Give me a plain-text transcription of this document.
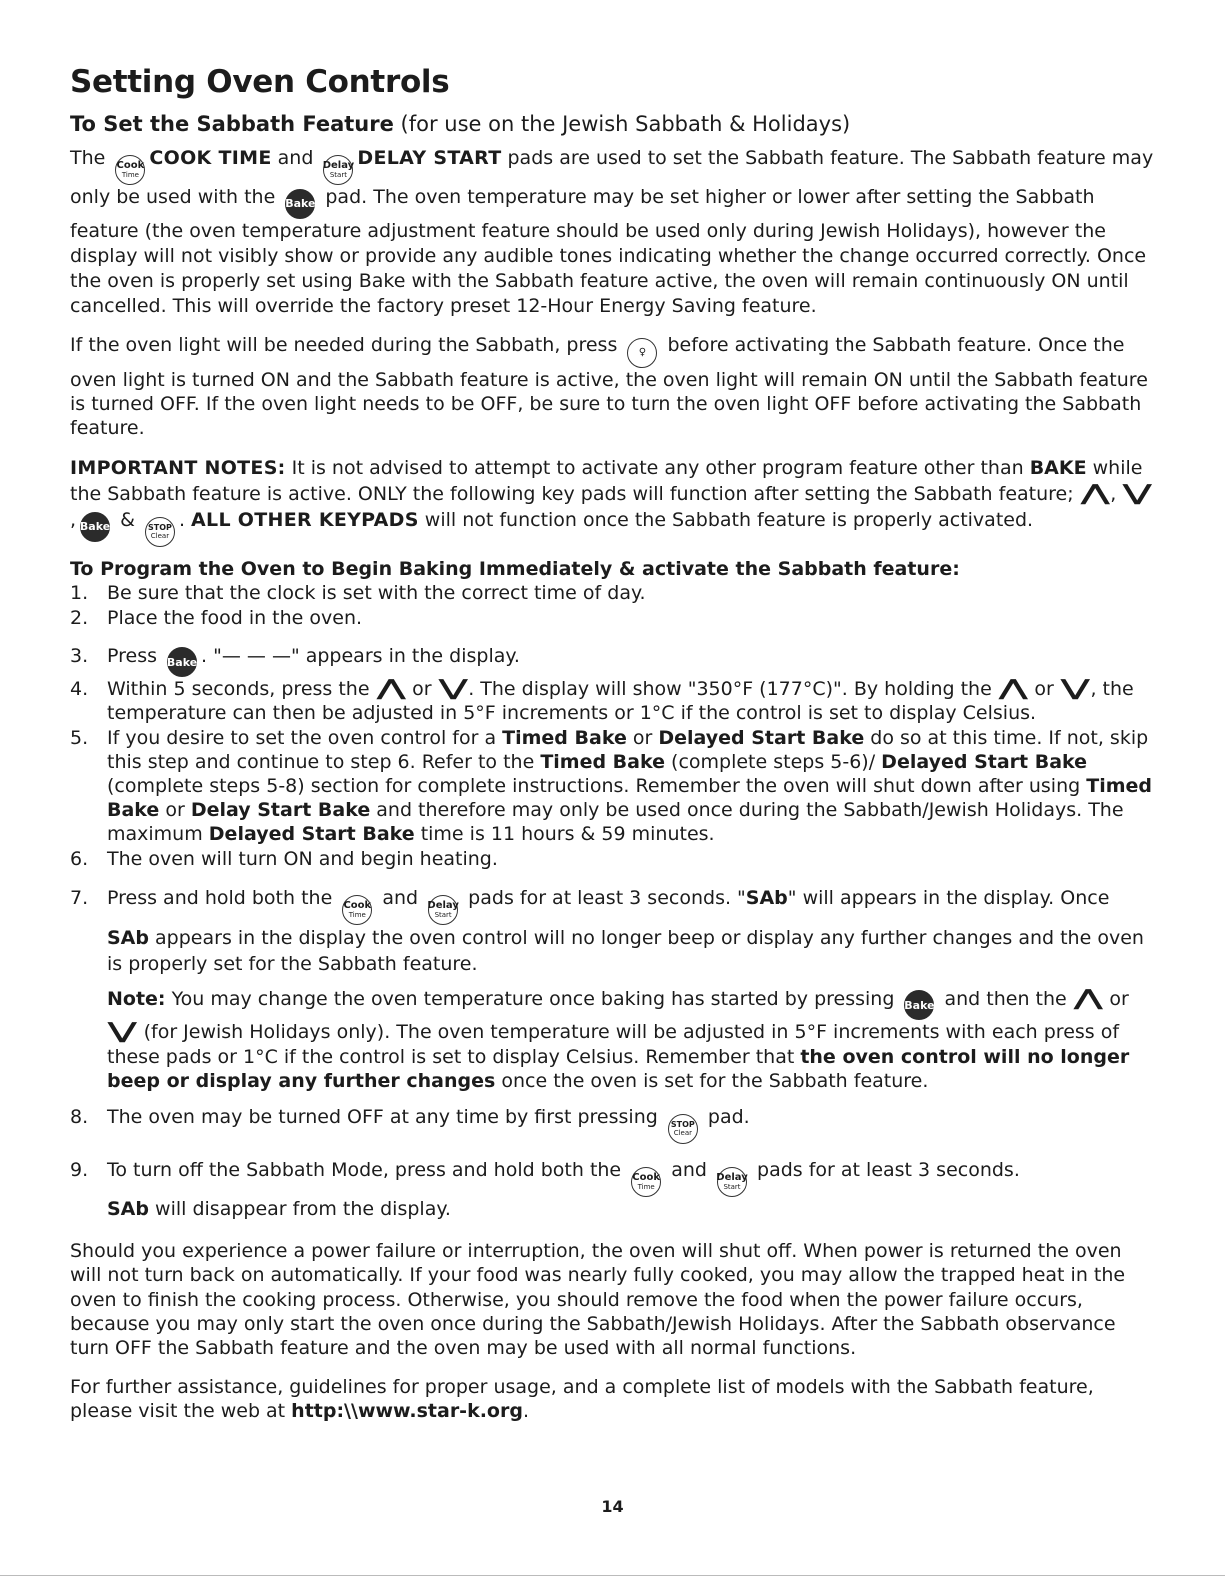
Setting Oven Controls
To Set the Sabbath Feature (for use on the Jewish Sabbath & Holidays)

The Cook
Time
COOK TIME and Delay
Start
DELAY START pads are used to set the Sabbath feature. The Sabbath feature may only be used with the Bake pad. The oven temperature may be set higher or lower after setting the Sabbath feature (the oven temperature adjustment feature should be used only during Jewish Holidays), however the display will not visibly show or provide any audible tones indicating whether the change occurred correctly. Once the oven is properly set using Bake with the Sabbath feature active, the oven will remain continuously ON until cancelled. This will override the factory preset 12-Hour Energy Saving feature.

If the oven light will be needed during the Sabbath, press ♀ before activating the Sabbath feature. Once the oven light is turned ON and the Sabbath feature is active, the oven light will remain ON until the Sabbath feature is turned OFF. If the oven light needs to be OFF, be sure to turn the oven light OFF before activating the Sabbath feature.

IMPORTANT NOTES: It is not advised to attempt to activate any other program feature other than BAKE while the Sabbath feature is active. ONLY the following key pads will function after setting the Sabbath feature; ⋀, ⋁, Bake & STOP
Clear
. ALL OTHER KEYPADS will not function once the Sabbath feature is properly activated.

To Program the Oven to Begin Baking Immediately & activate the Sabbath feature:

1. Be sure that the clock is set with the correct time of day.
2. Place the food in the oven.
3. Press Bake . "— — —" appears in the display.
4. Within 5 seconds, press the ⋀ or ⋁. The display will show "350°F (177°C)". By holding the ⋀ or ⋁, the temperature can then be adjusted in 5°F increments or 1°C if the control is set to display Celsius.
5. If you desire to set the oven control for a Timed Bake or Delayed Start Bake do so at this time. If not, skip this step and continue to step 6. Refer to the Timed Bake (complete steps 5-6)/ Delayed Start Bake (complete steps 5-8) section for complete instructions. Remember the oven will shut down after using Timed Bake or Delay Start Bake and therefore may only be used once during the Sabbath/Jewish Holidays. The maximum Delayed Start Bake time is 11 hours & 59 minutes.
6. The oven will turn ON and begin heating.
7. Press and hold both the Cook
Time
and Delay
Start
pads for at least 3 seconds. "SAb" will appears in the display. Once SAb appears in the display the oven control will no longer beep or display any further changes and the oven is properly set for the Sabbath feature.

Note: You may change the oven temperature once baking has started by pressing Bake and then the ⋀ or ⋁ (for Jewish Holidays only). The oven temperature will be adjusted in 5°F increments with each press of these pads or 1°C if the control is set to display Celsius. Remember that the oven control will no longer beep or display any further changes once the oven is set for the Sabbath feature.

8. The oven may be turned OFF at any time by first pressing STOP
Clear
pad.
9. To turn off the Sabbath Mode, press and hold both the Cook
Time
and Delay
Start
pads for at least 3 seconds.
SAb will disappear from the display.

Should you experience a power failure or interruption, the oven will shut off. When power is returned the oven will not turn back on automatically. If your food was nearly fully cooked, you may allow the trapped heat in the oven to finish the cooking process. Otherwise, you should remove the food when the power failure occurs, because you may only start the oven once during the Sabbath/Jewish Holidays. After the Sabbath observance turn OFF the Sabbath feature and the oven may be used with all normal functions.

For further assistance, guidelines for proper usage, and a complete list of models with the Sabbath feature, please visit the web at http:\\www.star-k.org.

14
